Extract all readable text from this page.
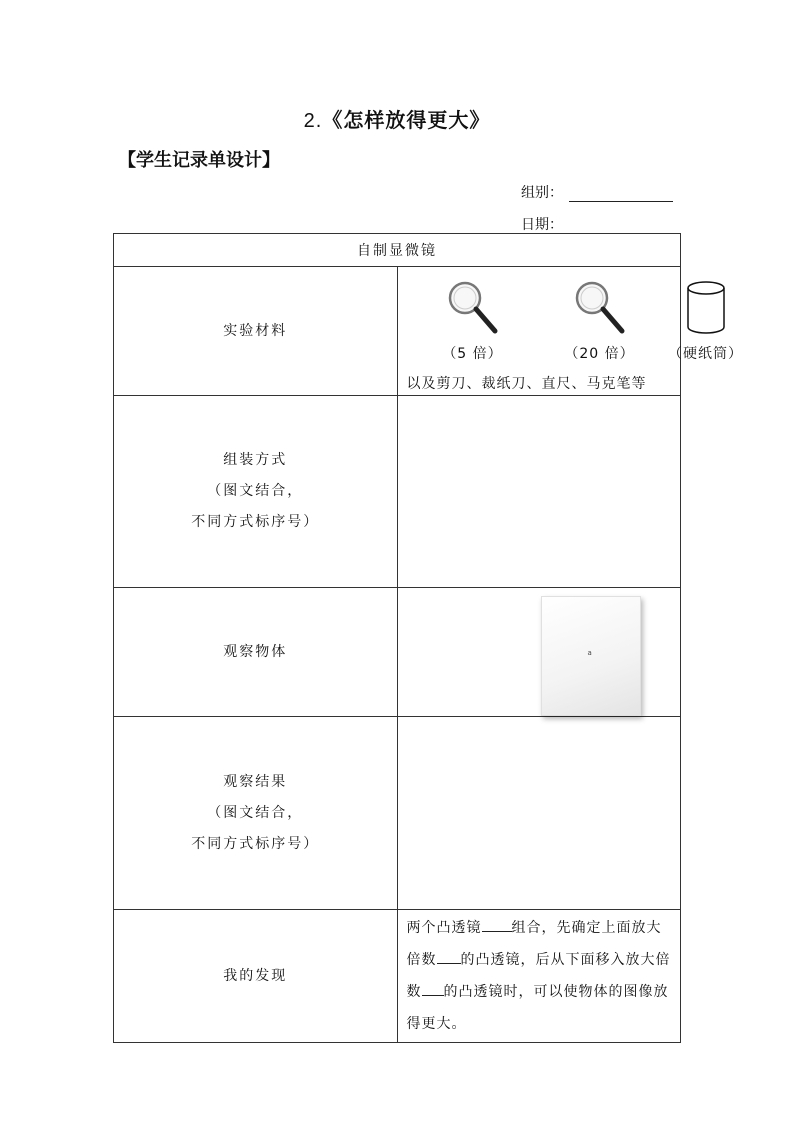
2.《怎样放得更大》
【学生记录单设计】
组别：
日期：
自制显微镜	
实验材料	（5 倍） （20 倍） （硬纸筒）
以及剪刀、裁纸刀、直尺、马克笔等

组装方式
（图文结合，
不同方式标序号）	

观察物体	a

观察结果
（图文结合，
不同方式标序号）	

我的发现	两个凸透镜 组合，先确定上面放大倍数 的凸透镜，后从下面移入放大倍数 的凸透镜时，可以使物体的图像放得更大。
